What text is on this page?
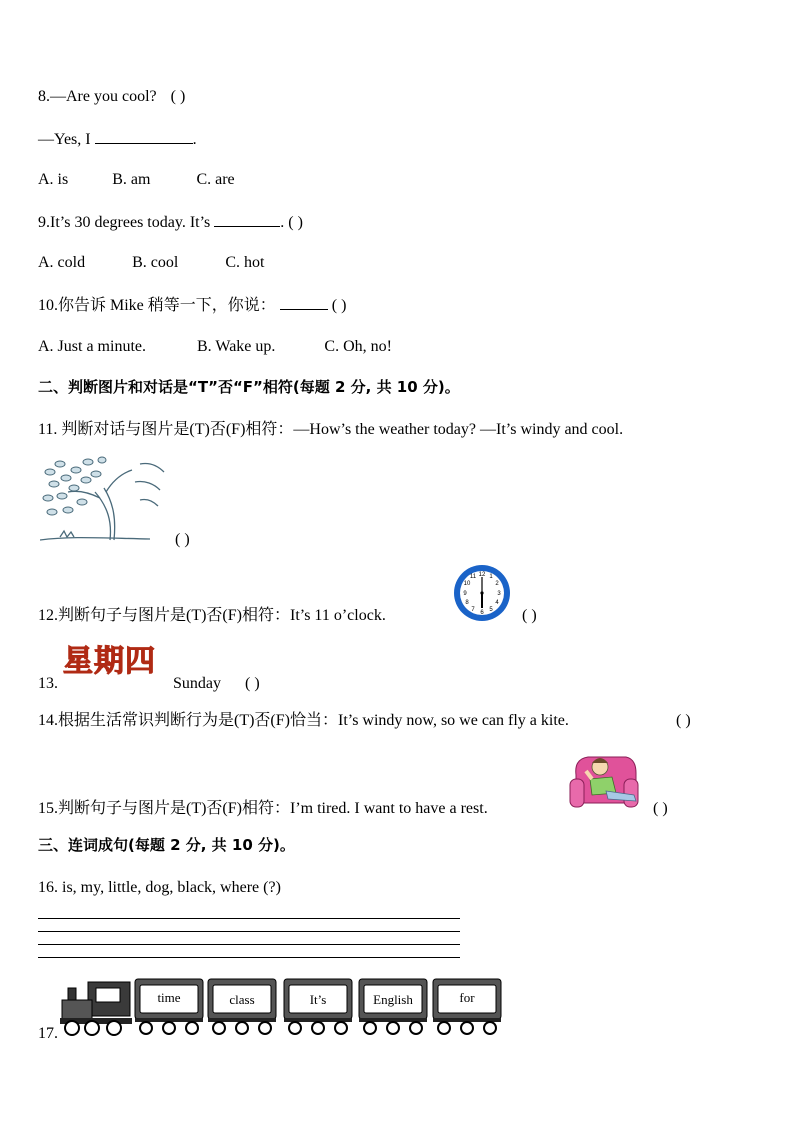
8.—Are you cool? ( )
—Yes, I	.
A. is	B. am	C. are
9.It’s 30 degrees today. It’s	. ( )
A. cold	B. cool	C. hot
10.你告诉 Mike 稍等一下，你说：	( )
A. Just a minute.	B. Wake up.	C. Oh, no!
二、判断图片和对话是“T”否“F”相符(每题 2 分, 共 10 分)。
11. 判断对话与图片是(T)否(F)相符：—How’s the weather today? —It’s windy and cool.
( )
12.判断句子与图片是(T)否(F)相符：It’s 11 o’clock.
12 1
2
3
4
5
6
7
8
9
10
11
( )
13.
星期四
Sunday ( )
14.根据生活常识判断行为是(T)否(F)恰当：It’s windy now, so we can fly a kite.	( )
15.判断句子与图片是(T)否(F)相符：I’m tired. I want to have a rest.	( )
三、连词成句(每题 2 分, 共 10 分)。
16. is, my, little, dog, black, where (?)
17.
time	class	It’s	English	for
